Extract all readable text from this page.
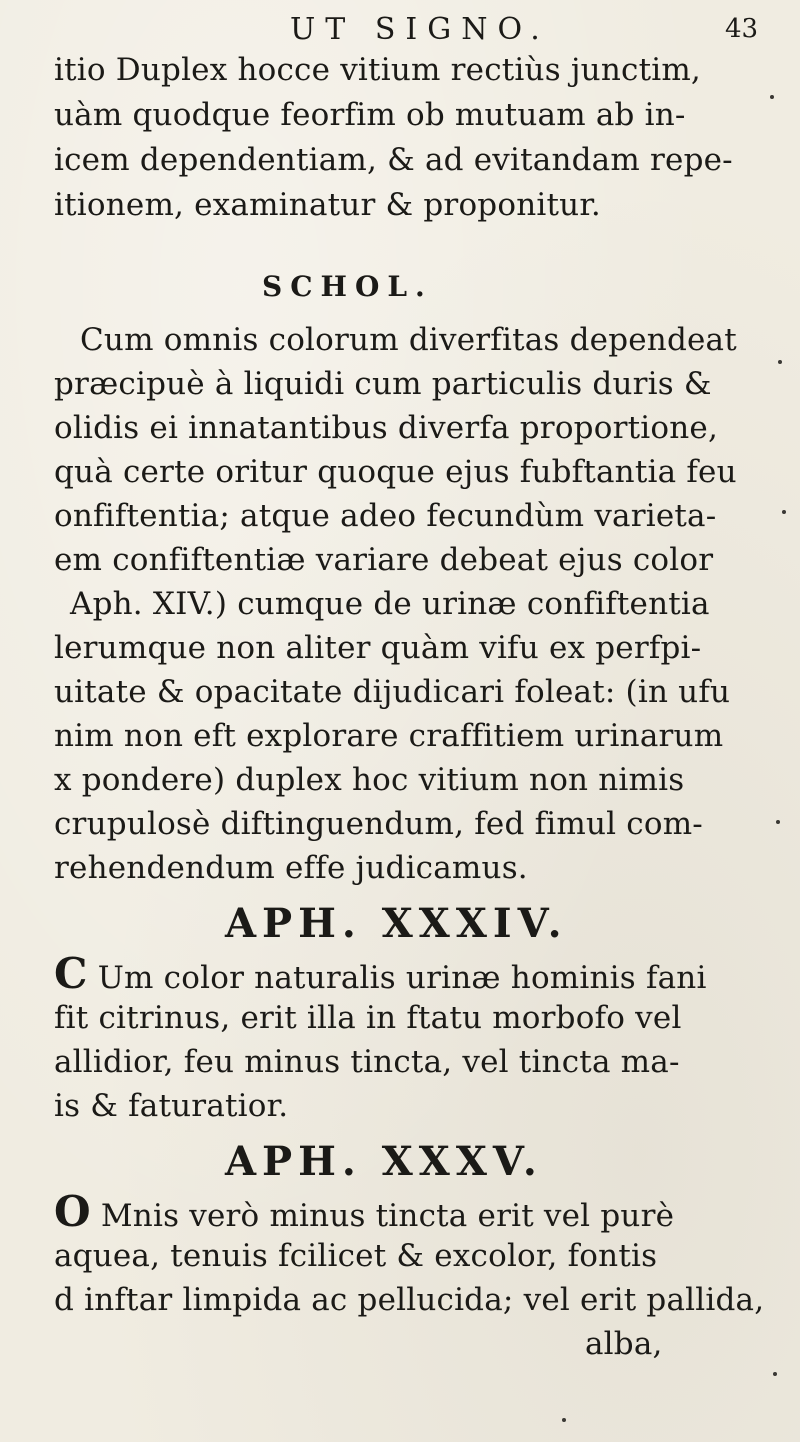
UT SIGNO.	43
itio Duplex hocce vitium rectiùs junctim,
uàm quodque feorfim ob mutuam ab in-
icem dependentiam, & ad evitandam repe-
itionem, examinatur & proponitur.
SCHOL.
Cum omnis colorum diverfitas dependeat
præcipuè à liquidi cum particulis duris &
olidis ei innatantibus diverfa proportione,
quà certe oritur quoque ejus fubftantia feu
onfiftentia; atque adeo fecundùm varieta-
em confiftentiæ variare debeat ejus color
Aph. XIV.) cumque de urinæ confiftentia
lerumque non aliter quàm vifu ex perfpi-
uitate & opacitate dijudicari foleat: (in ufu
nim non eft explorare craffitiem urinarum
x pondere) duplex hoc vitium non nimis
crupulosè diftinguendum, fed fimul com-
rehendendum effe judicamus.
APH. XXXIV.
C Um color naturalis urinæ hominis fani
fit citrinus, erit illa in ftatu morbofo vel
allidior, feu minus tincta, vel tincta ma-
is & faturatior.
APH. XXXV.
O Mnis verò minus tincta erit vel purè
aquea, tenuis fcilicet & excolor, fontis
d inftar limpida ac pellucida; vel erit pallida,
alba,
